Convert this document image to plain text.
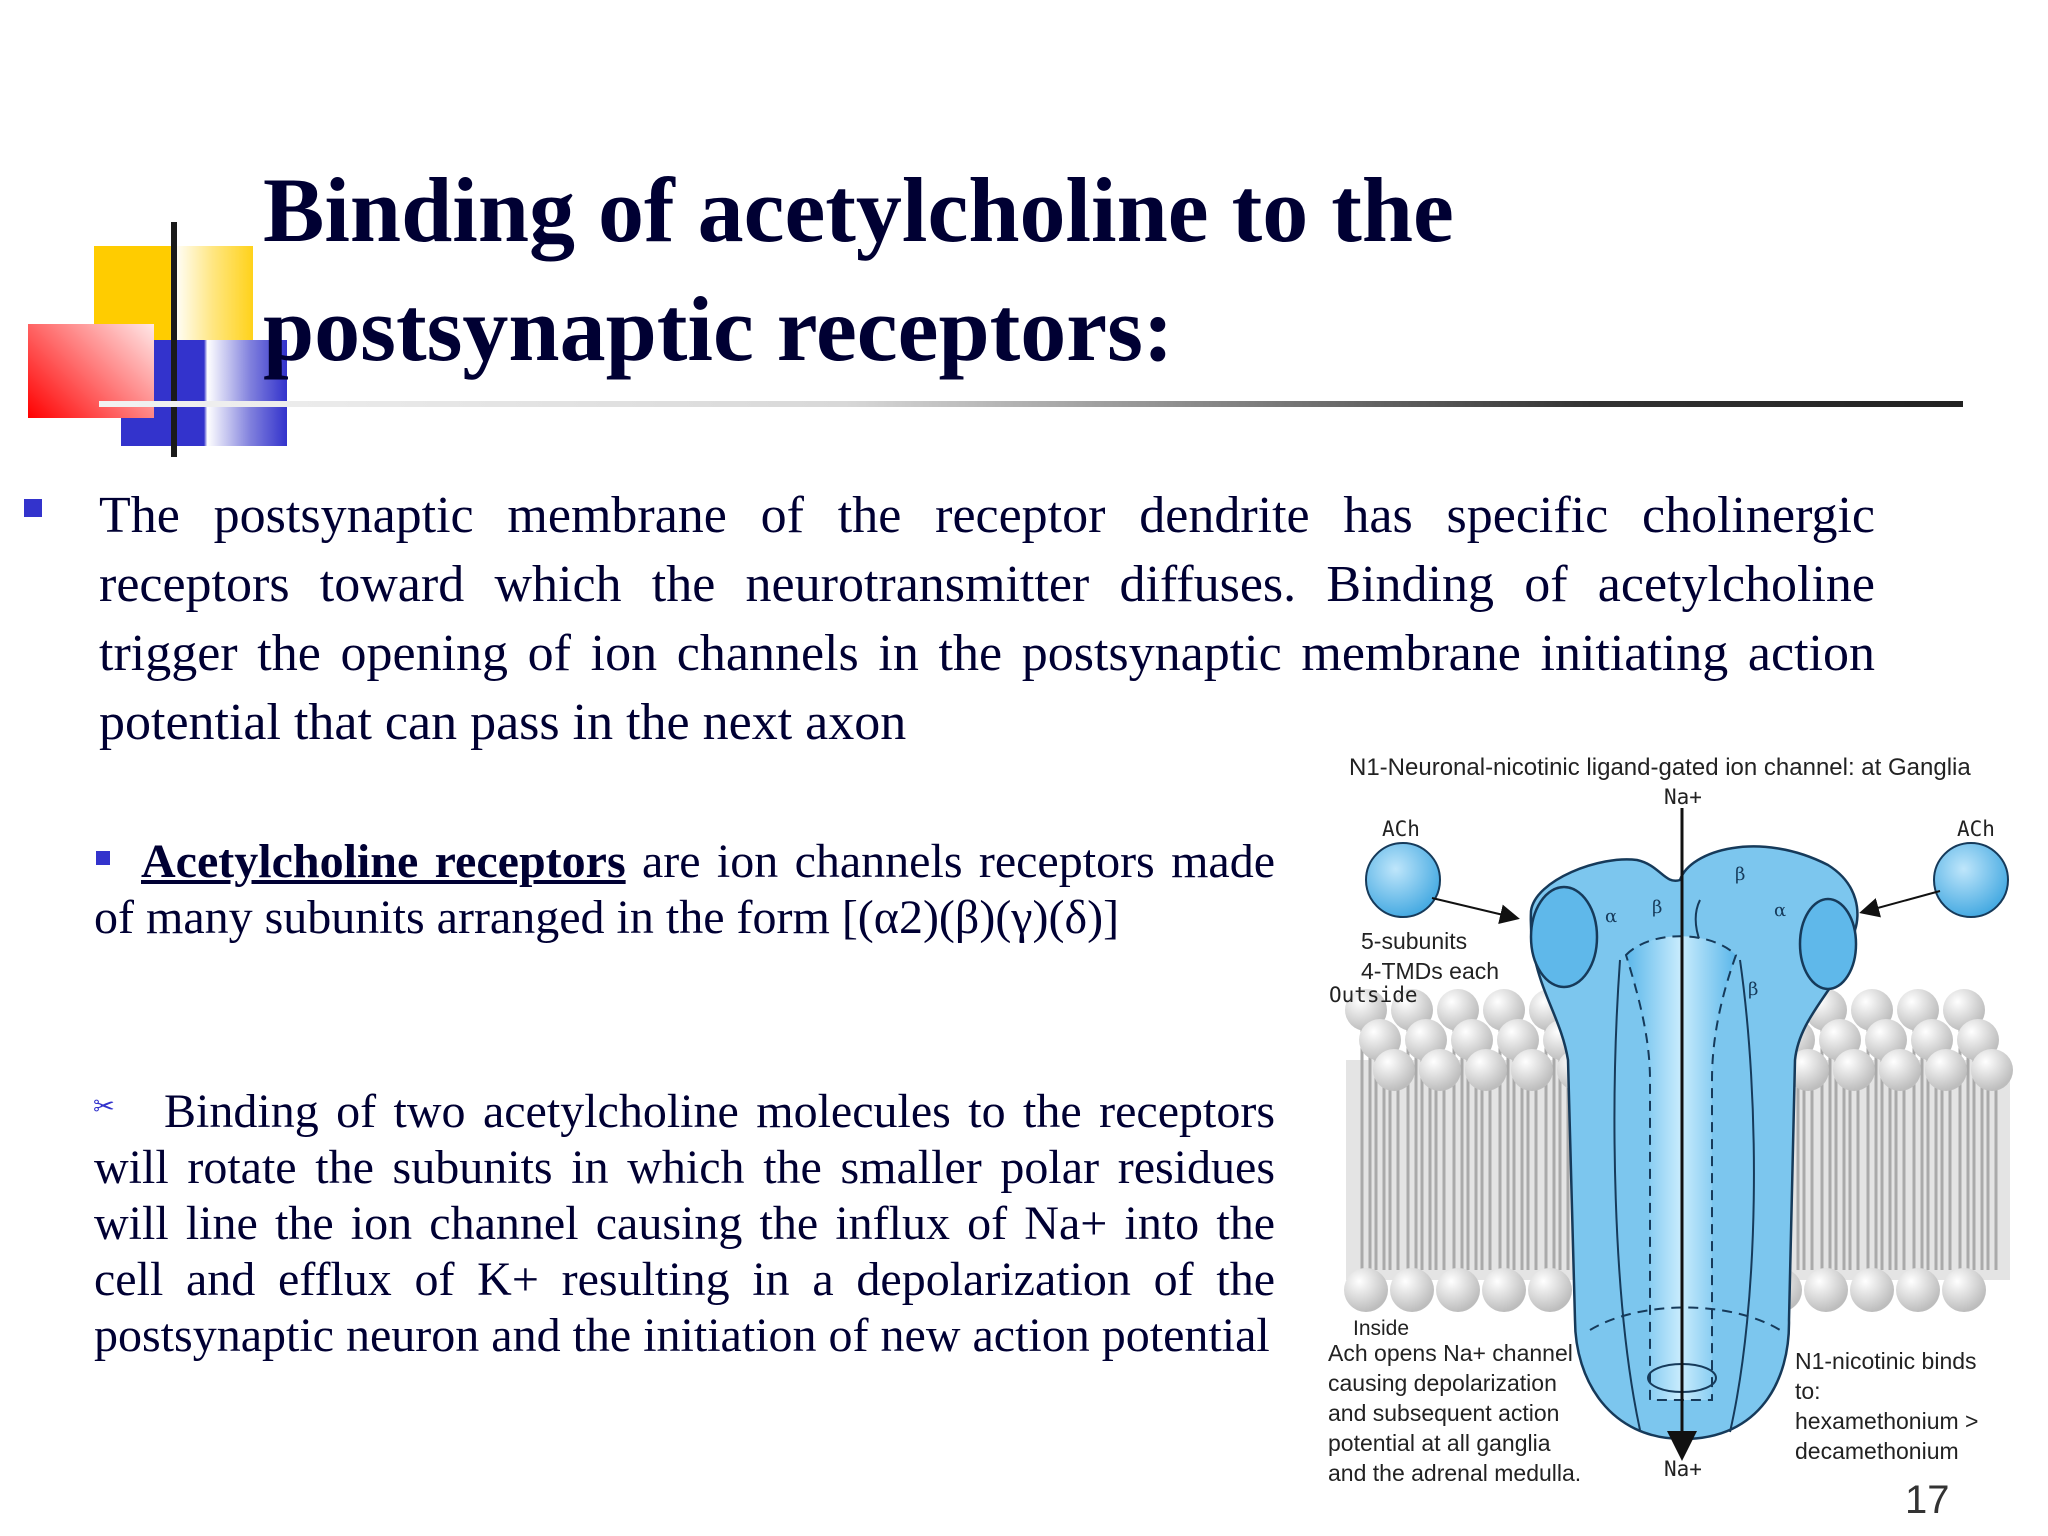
Binding of acetylcholine to the postsynaptic receptors:
The postsynaptic membrane of the receptor dendrite has specific cholinergic receptors toward which the neurotransmitter diffuses. Binding of acetylcholine trigger the opening of ion channels in the postsynaptic membrane initiating action potential that can pass in the next axon
Acetylcholine receptors are ion channels receptors made of many subunits arranged in the form [(α2)(β)(γ)(δ)]
✂	Binding of two acetylcholine molecules to the receptors will rotate the subunits in which the smaller polar residues will line the ion channel causing the influx of Na+ into the cell and efflux of K+ resulting in a depolarization of the postsynaptic neuron and the initiation of new action potential
α β
β
α
β
N1-Neuronal-nicotinic ligand-gated ion channel: at Ganglia
Na+
ACh	ACh
5-subunits
4-TMDs each
Outside
Inside
Ach opens Na+ channel
causing depolarization
and subsequent action
potential at all ganglia
and the adrenal medulla.
N1-nicotinic binds
to:
hexamethonium >
decamethonium
Na+
17
